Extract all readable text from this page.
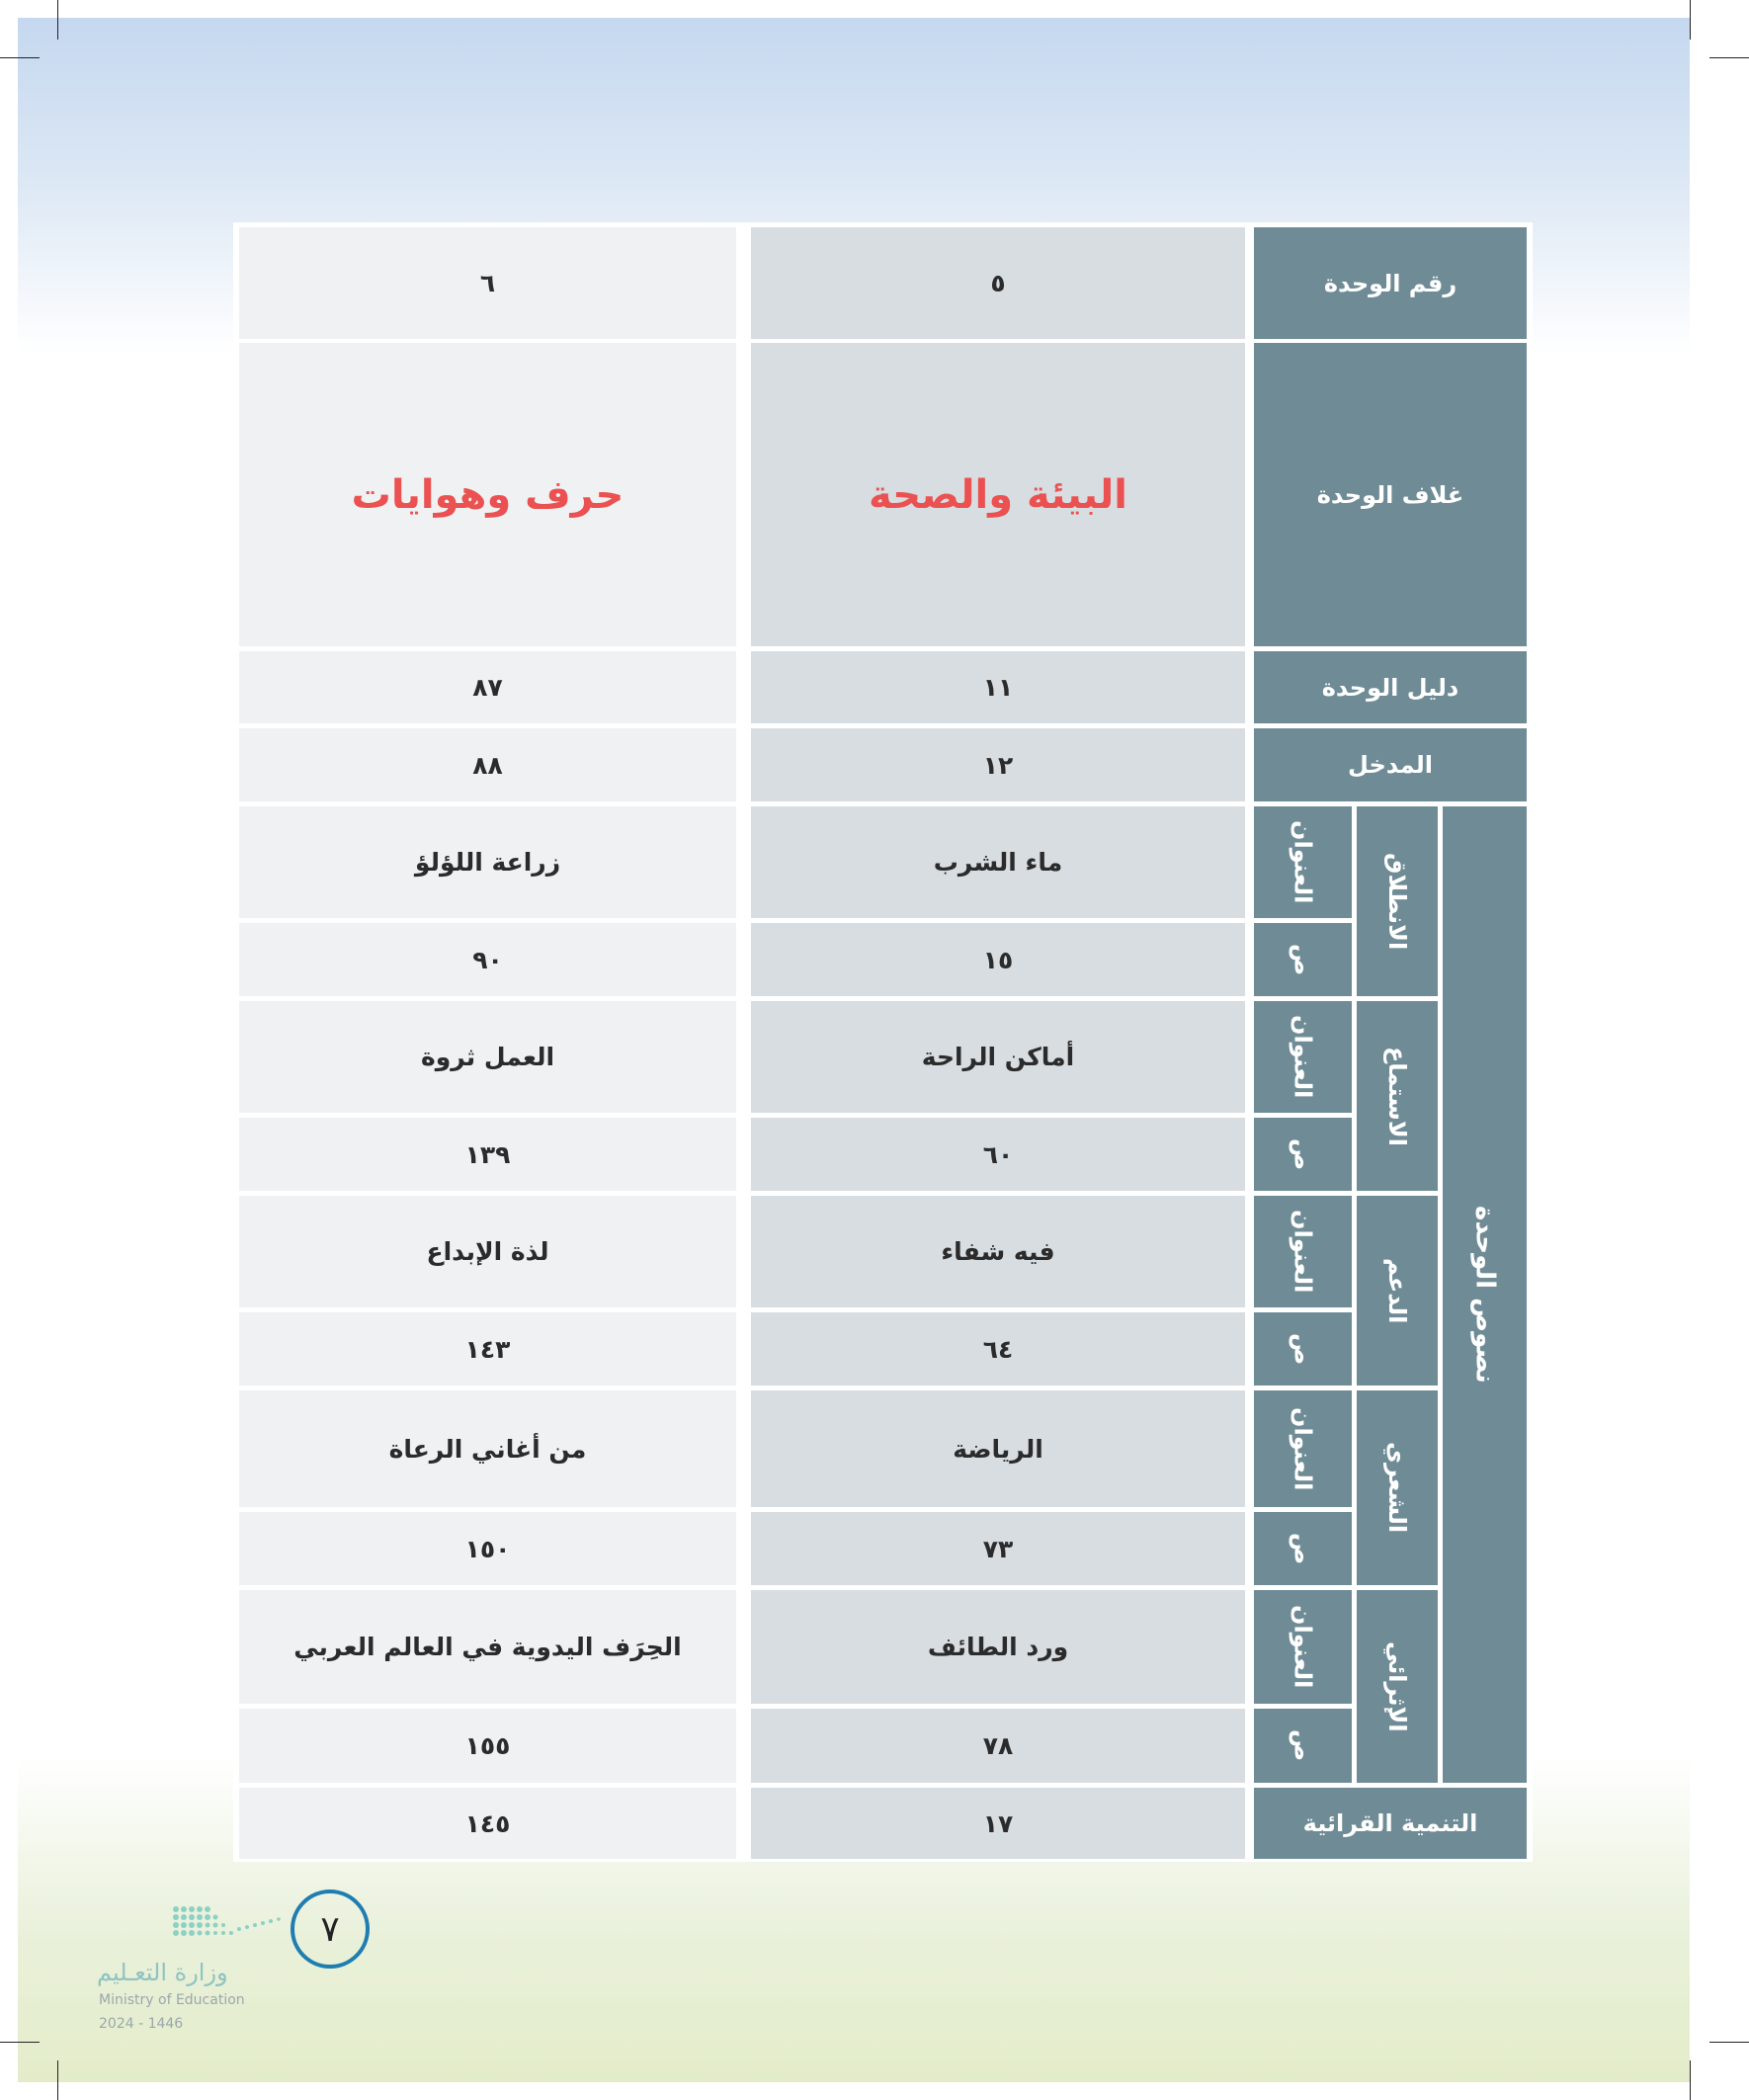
رقم الوحدة
٥
٦
غلاف الوحدة
البيئة والصحة
حرف وهوايات
دليل الوحدة
١١
٨٧
المدخل
١٢
٨٨
نصوص الوحدة
الانطلاق
العنوان
ص
ماء الشرب
زراعة اللؤلؤ
١٥
٩٠
الاستماع
العنوان
ص
أماكن الراحة
العمل ثروة
٦٠
١٣٩
الدعم
العنوان
ص
فيه شفاء
لذة الإبداع
٦٤
١٤٣
الشعري
العنوان
ص
الرياضة
من أغاني الرعاة
٧٣
١٥٠
الإثرائي
العنوان
ص
ورد الطائف
الحِرَف اليدوية في العالم العربي
٧٨
١٥٥
التنمية القرائية
١٧
١٤٥
٧
وزارة التعـليم
Ministry of Education
2024 - 1446
